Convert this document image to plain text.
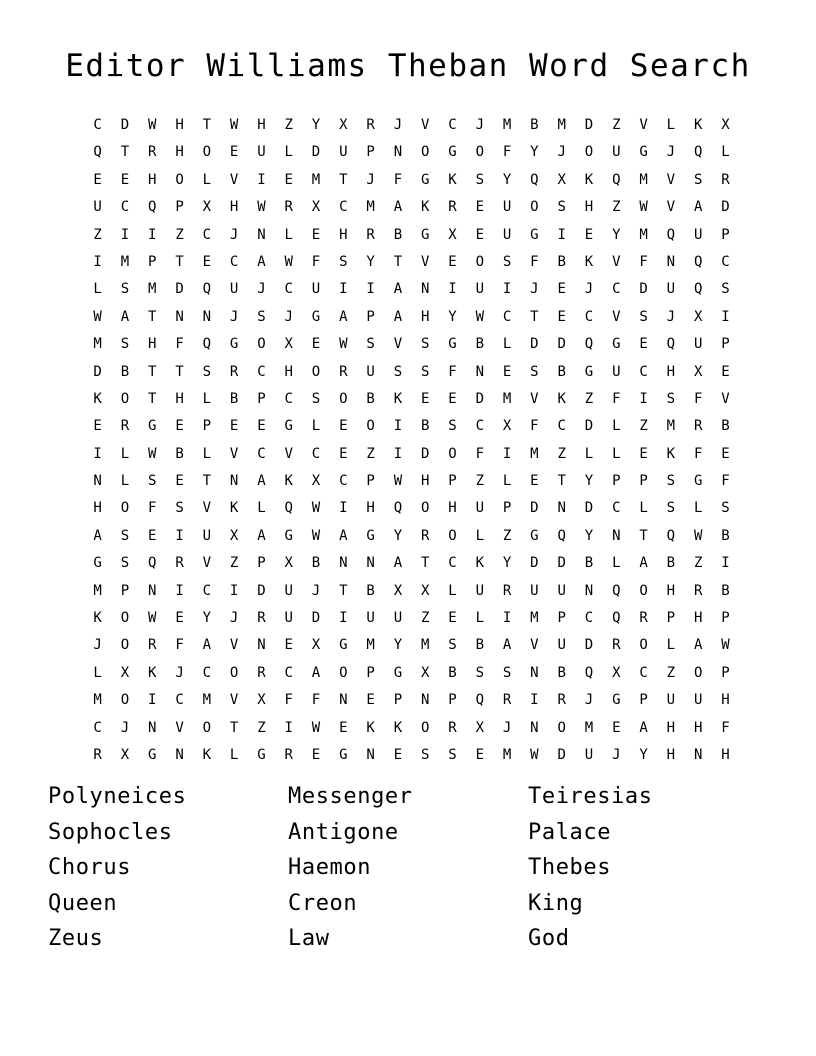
Editor Williams Theban Word Search
C	D	W	H	T	W	H	Z	Y	X	R	J	V	C	J	M	B	M	D	Z	V	L	K	X
Q	T	R	H	O	E	U	L	D	U	P	N	O	G	O	F	Y	J	O	U	G	J	Q	L
E	E	H	O	L	V	I	E	M	T	J	F	G	K	S	Y	Q	X	K	Q	M	V	S	R
U	C	Q	P	X	H	W	R	X	C	M	A	K	R	E	U	O	S	H	Z	W	V	A	D
Z	I	I	Z	C	J	N	L	E	H	R	B	G	X	E	U	G	I	E	Y	M	Q	U	P
I	M	P	T	E	C	A	W	F	S	Y	T	V	E	O	S	F	B	K	V	F	N	Q	C
L	S	M	D	Q	U	J	C	U	I	I	A	N	I	U	I	J	E	J	C	D	U	Q	S
W	A	T	N	N	J	S	J	G	A	P	A	H	Y	W	C	T	E	C	V	S	J	X	I
M	S	H	F	Q	G	O	X	E	W	S	V	S	G	B	L	D	D	Q	G	E	Q	U	P
D	B	T	T	S	R	C	H	O	R	U	S	S	F	N	E	S	B	G	U	C	H	X	E
K	O	T	H	L	B	P	C	S	O	B	K	E	E	D	M	V	K	Z	F	I	S	F	V
E	R	G	E	P	E	E	G	L	E	O	I	B	S	C	X	F	C	D	L	Z	M	R	B
I	L	W	B	L	V	C	V	C	E	Z	I	D	O	F	I	M	Z	L	L	E	K	F	E
N	L	S	E	T	N	A	K	X	C	P	W	H	P	Z	L	E	T	Y	P	P	S	G	F
H	O	F	S	V	K	L	Q	W	I	H	Q	O	H	U	P	D	N	D	C	L	S	L	S
A	S	E	I	U	X	A	G	W	A	G	Y	R	O	L	Z	G	Q	Y	N	T	Q	W	B
G	S	Q	R	V	Z	P	X	B	N	N	A	T	C	K	Y	D	D	B	L	A	B	Z	I
M	P	N	I	C	I	D	U	J	T	B	X	X	L	U	R	U	U	N	Q	O	H	R	B
K	O	W	E	Y	J	R	U	D	I	U	U	Z	E	L	I	M	P	C	Q	R	P	H	P
J	O	R	F	A	V	N	E	X	G	M	Y	M	S	B	A	V	U	D	R	O	L	A	W
L	X	K	J	C	O	R	C	A	O	P	G	X	B	S	S	N	B	Q	X	C	Z	O	P
M	O	I	C	M	V	X	F	F	N	E	P	N	P	Q	R	I	R	J	G	P	U	U	H
C	J	N	V	O	T	Z	I	W	E	K	K	O	R	X	J	N	O	M	E	A	H	H	F
R	X	G	N	K	L	G	R	E	G	N	E	S	S	E	M	W	D	U	J	Y	H	N	H
Polyneices	Messenger	Teiresias
Sophocles	Antigone	Palace
Chorus	Haemon	Thebes
Queen	Creon	King
Zeus	Law	God
